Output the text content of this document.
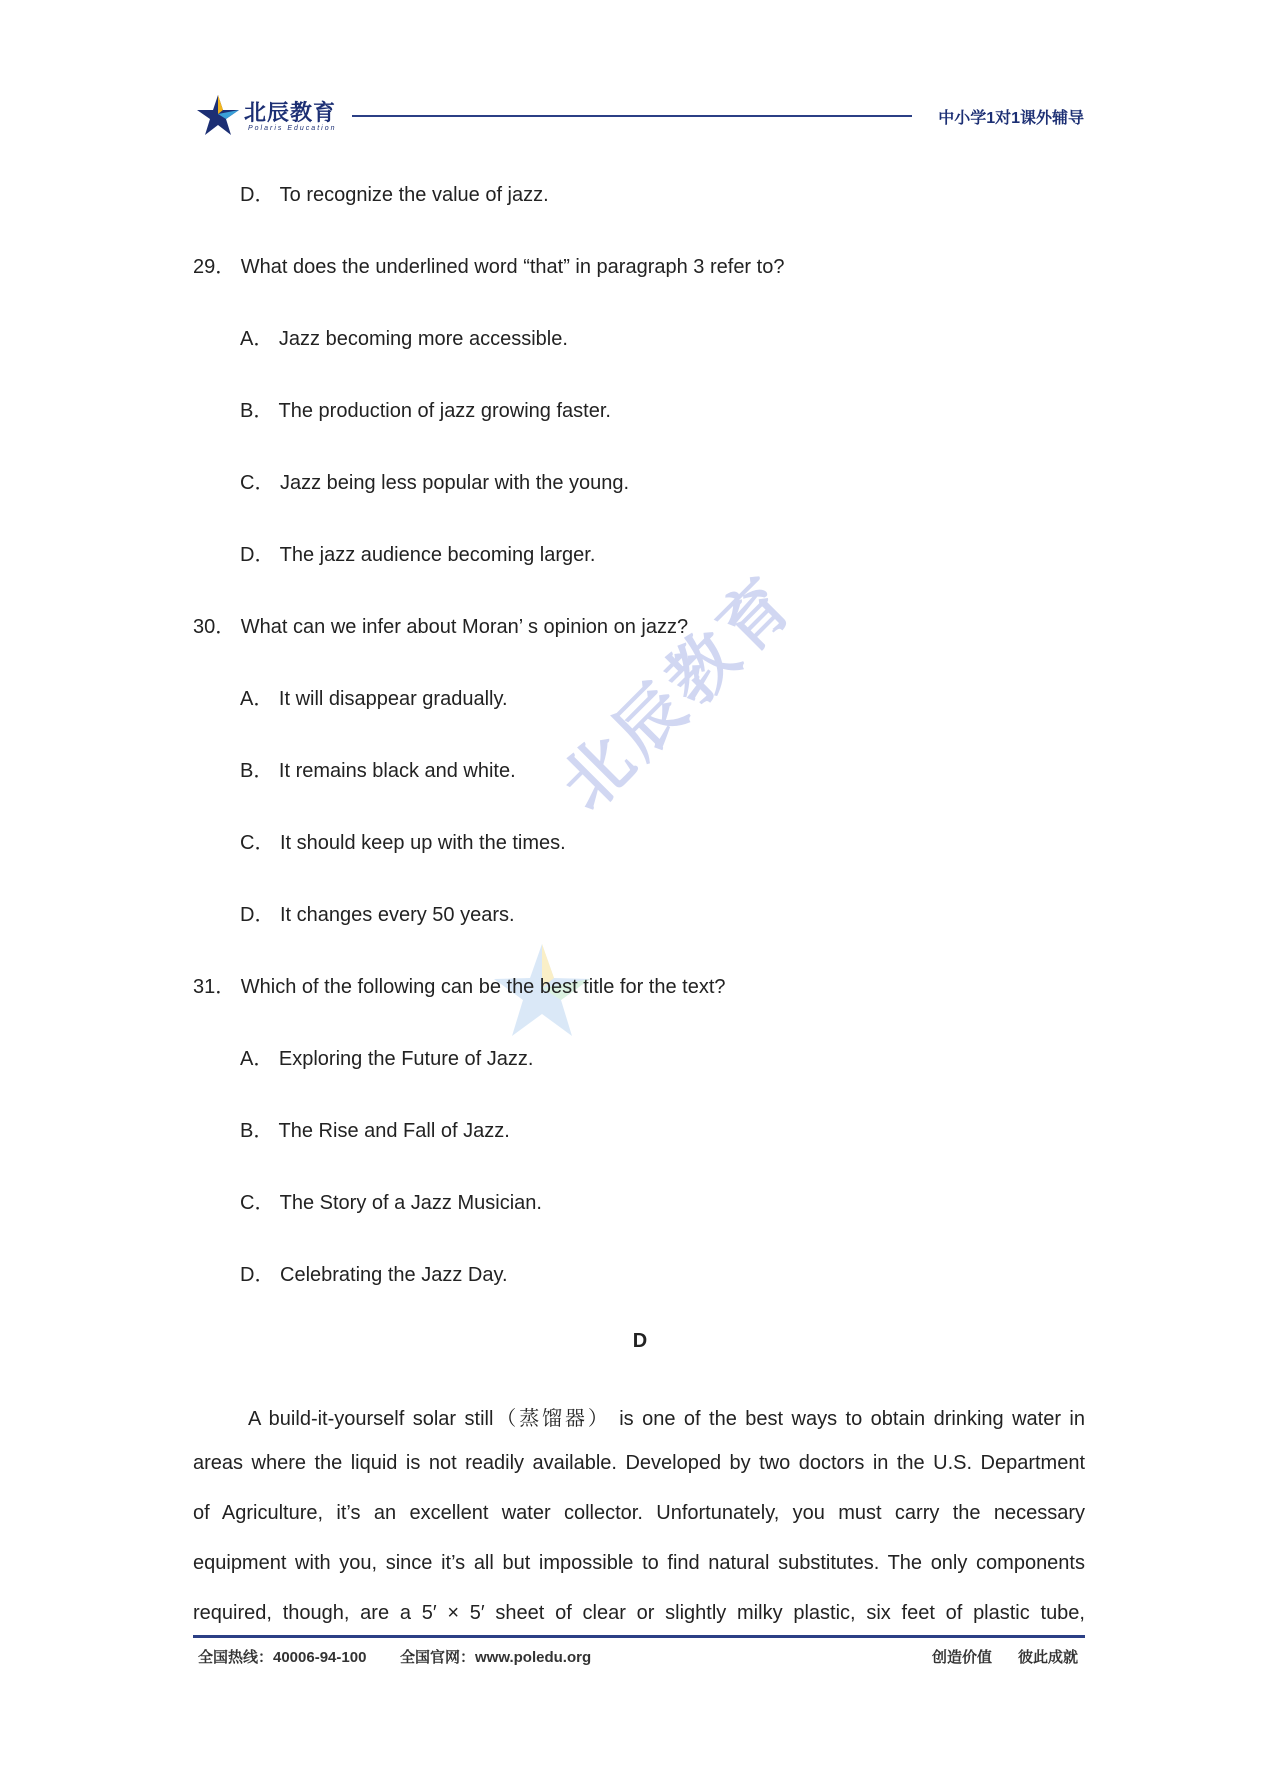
北辰教育
Polaris Education
中小学1对1课外辅导
北辰教育
D． To recognize the value of jazz.
29． What does the underlined word “that” in paragraph 3 refer to?
A． Jazz becoming more accessible.
B． The production of jazz growing faster.
C． Jazz being less popular with the young.
D． The jazz audience becoming larger.
30． What can we infer about Moran’ s opinion on jazz?
A． It will disappear gradually.
B． It remains black and white.
C． It should keep up with the times.
D． It changes every 50 years.
31． Which of the following can be the best title for the text?
A． Exploring the Future of Jazz.
B． The Rise and Fall of Jazz.
C． The Story of a Jazz Musician.
D． Celebrating the Jazz Day.
D
A build-it-yourself solar still（蒸馏器） is one of the best ways to obtain drinking water in
areas where the liquid is not readily available. Developed by two doctors in the U.S. Department
of Agriculture, it’s an excellent water collector. Unfortunately, you must carry the necessary
equipment with you, since it’s all but impossible to find natural substitutes. The only components
required, though, are a 5′ × 5′ sheet of clear or slightly milky plastic, six feet of plastic tube,
全国热线：40006-94-100 全国官网：www.poledu.org	创造价值 彼此成就
